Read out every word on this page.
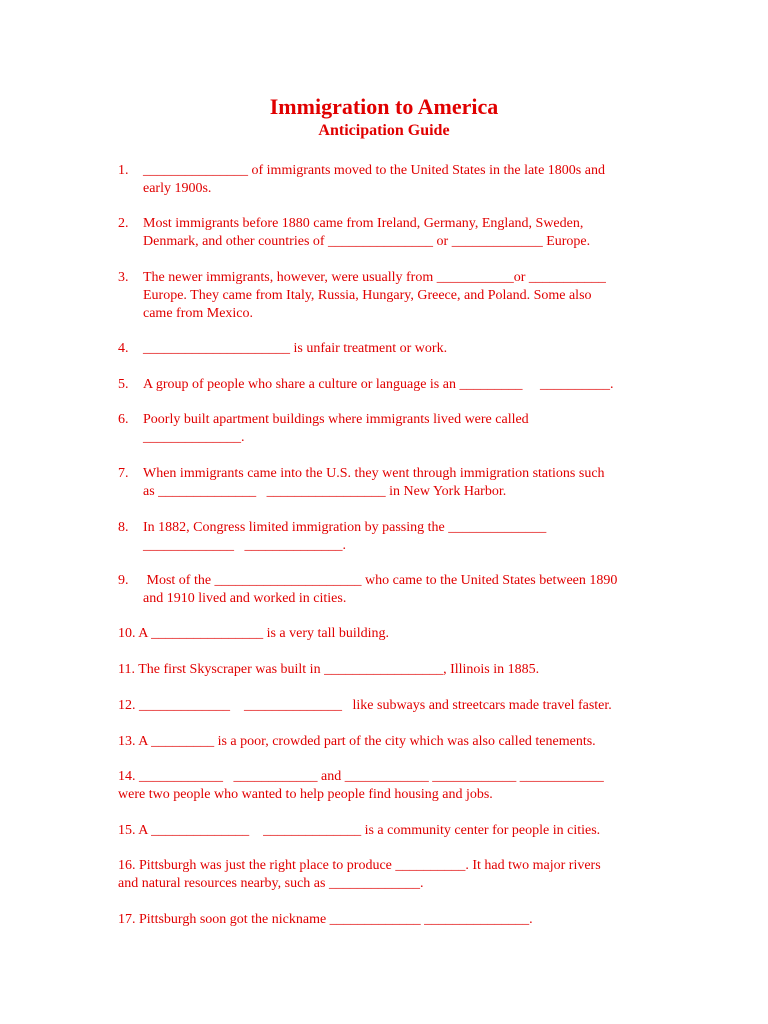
Immigration to America
Anticipation Guide
1. _______________ of immigrants moved to the United States in the late 1800s and
early 1900s.
2. Most immigrants before 1880 came from Ireland, Germany, England, Sweden,
Denmark, and other countries of _______________ or _____________ Europe.
3. The newer immigrants, however, were usually from ___________or ___________
Europe. They came from Italy, Russia, Hungary, Greece, and Poland. Some also
came from Mexico.
4. _____________________ is unfair treatment or work.
5. A group of people who share a culture or language is an _________     __________.
6. Poorly built apartment buildings where immigrants lived were called
______________.
7. When immigrants came into the U.S. they went through immigration stations such
as ______________   _________________ in New York Harbor.
8. In 1882, Congress limited immigration by passing the ______________
_____________   ______________.
9. Most of the _____________________ who came to the United States between 1890
and 1910 lived and worked in cities.
10. A ________________ is a very tall building.
11. The first Skyscraper was built in _________________, Illinois in 1885.
12. _____________    ______________   like subways and streetcars made travel faster.
13. A _________ is a poor, crowded part of the city which was also called tenements.
14. ____________   ____________ and ____________ ____________ ____________
were two people who wanted to help people find housing and jobs.
15. A ______________    ______________ is a community center for people in cities.
16. Pittsburgh was just the right place to produce __________. It had two major rivers
and natural resources nearby, such as _____________.
17. Pittsburgh soon got the nickname _____________ _______________.
